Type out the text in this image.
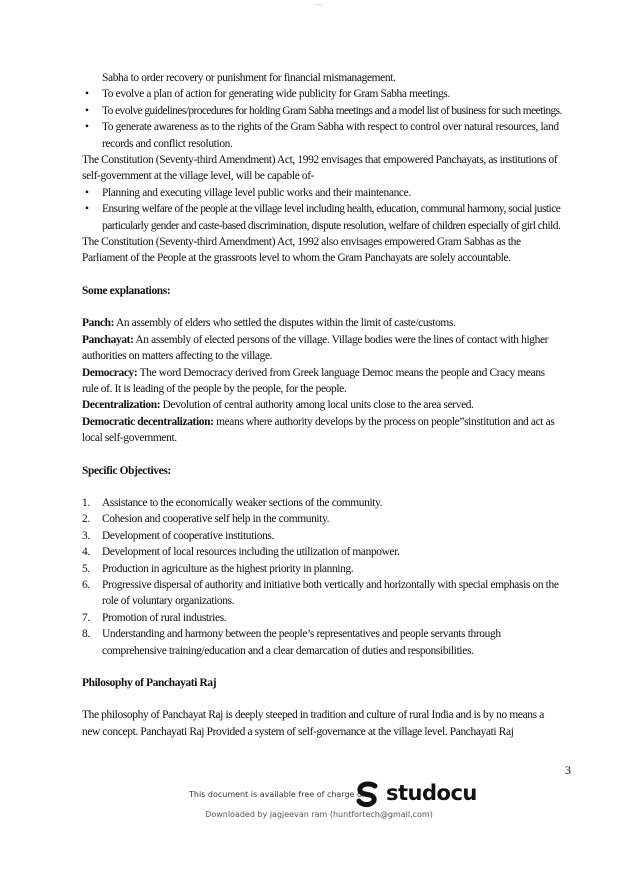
—

Sabha to order recovery or punishment for financial mismanagement.

• To evolve a plan of action for generating wide publicity for Gram Sabha meetings.
• To evolve guidelines/procedures for holding Gram Sabha meetings and a model list of business for such meetings.
• To generate awareness as to the rights of the Gram Sabha with respect to control over natural resources, land records and conflict resolution.

The Constitution (Seventy-third Amendment) Act, 1992 envisages that empowered Panchayats, as institutions of self-government at the village level, will be capable of-

• Planning and executing village level public works and their maintenance.
• Ensuring welfare of the people at the village level including health, education, communal harmony, social justice particularly gender and caste-based discrimination, dispute resolution, welfare of children especially of girl child.

The Constitution (Seventy-third Amendment) Act, 1992 also envisages empowered Gram Sabhas as the Parliament of the People at the grassroots level to whom the Gram Panchayats are solely accountable.

Some explanations:

Panch: An assembly of elders who settled the disputes within the limit of caste/customs.

Panchayat: An assembly of elected persons of the village. Village bodies were the lines of contact with higher authorities on matters affecting to the village.

Democracy: The word Democracy derived from Greek language Democ means the people and Cracy means rule of. It is leading of the people by the people, for the people.

Decentralization: Devolution of central authority among local units close to the area served.

Democratic decentralization: means where authority develops by the process on people”sinstitution and act as local self-government.

Specific Objectives:

1. Assistance to the economically weaker sections of the community.
2. Cohesion and cooperative self help in the community.
3. Development of cooperative institutions.
4. Development of local resources including the utilization of manpower.
5. Production in agriculture as the highest priority in planning.
6. Progressive dispersal of authority and initiative both vertically and horizontally with special emphasis on the role of voluntary organizations.
7. Promotion of rural industries.
8. Understanding and harmony between the people’s representatives and people servants through comprehensive training/education and a clear demarcation of duties and responsibilities.

Philosophy of Panchayati Raj

The philosophy of Panchayat Raj is deeply steeped in tradition and culture of rural India and is by no means a new concept. Panchayati Raj Provided a system of self-governance at the village level. Panchayati Raj

3
This document is available free of charge on studocu
Downloaded by jagjeevan ram (huntfortech@gmail.com)
